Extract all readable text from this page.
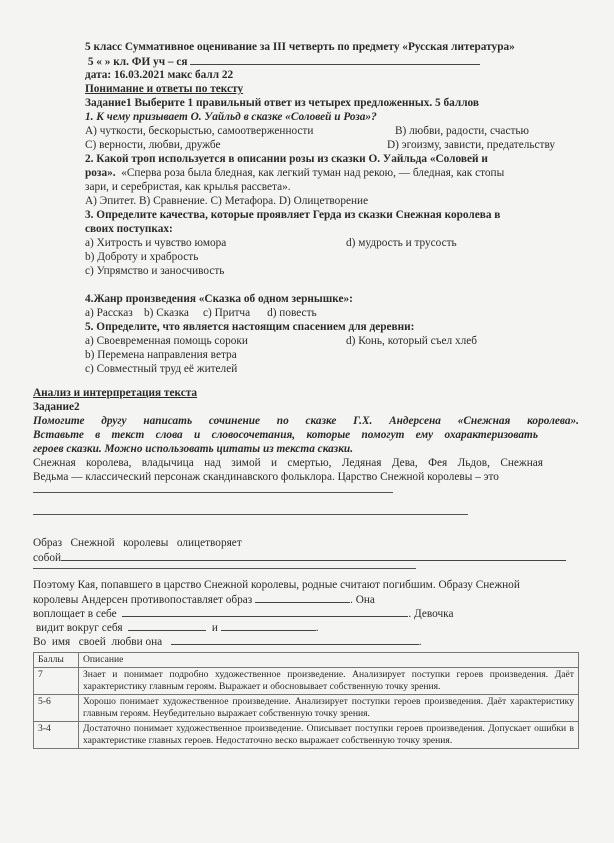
5 класс Суммативное оценивание за III четверть по предмету «Русская литература»
5 « » кл. ФИ уч – ся
дата: 16.03.2021 макс балл 22
Понимание и ответы по тексту
Задание1 Выберите 1 правильный ответ из четырех предложенных. 5 баллов
1. К чему призывает О. Уайльд в сказке «Соловей и Роза»?
А) чуткости, бескорыстью, самоотверженности	В) любви, радости, счастью
С) верности, любви, дружбе	D) эгоизму, зависти, предательству
2. Какой троп используется в описании розы из сказки О. Уайльда «Соловей и
роза». «Сперва роза была бледная, как легкий туман над рекою, — бледная, как стопы
зари, и серебристая, как крылья рассвета».
А) Эпитет. В) Сравнение. С) Метафора. D) Олицетворение
3. Определите качества, которые проявляет Герда из сказки Снежная королева в
своих поступках:
a) Хитрость и чувство юмора	d) мудрость и трусость
b) Доброту и храбрость
c) Упрямство и заносчивость
4.Жанр произведения «Сказка об одном зернышке»:
a) Рассказ    b) Сказка     c) Притча      d) повесть
5. Определите, что является настоящим спасением для деревни:
a) Своевременная помощь сороки	d) Конь, который съел хлеб
b) Перемена направления ветра
c) Совместный труд её жителей
Анализ и интерпретация текста
Задание2
Помогите другу написать сочинение по сказке Г.Х. Андерсена «Снежная королева».
Вставьте в текст слова и словосочетания, которые помогут ему охарактеризовать
героев сказки. Можно использовать цитаты из текста сказки.
Снежная королева, владычица над зимой и смертью, Ледяная Дева, Фея Льдов, Снежная
Ведьма — классический персонаж скандинавского фольклора. Царство Снежной королевы – это
Образ   Снежной   королевы   олицетворяет
собой
Поэтому Кая, попавшего в царство Снежной королевы, родные считают погибшим. Образу Снежной
королевы Андерсен противопоставляет образ	. Она
воплощает в себе	. Девочка
видит вокруг себя	и	.
Во  имя   своей  любви она	.
Баллы	Описание
7	Знает и понимает подробно художественное произведение. Анализирует поступки героев произведения. Даёт характеристику главным героям. Выражает и обосновывает собственную точку зрения.
5-6	Хорошо понимает художественное произведение. Анализирует поступки героев произведения. Даёт характеристику главным героям. Неубедительно выражает собственную точку зрения.
3-4	Достаточно понимает художественное произведение. Описывает поступки героев произведения. Допускает ошибки в характеристике главных героев. Недостаточно веско выражает собственную точку зрения.
